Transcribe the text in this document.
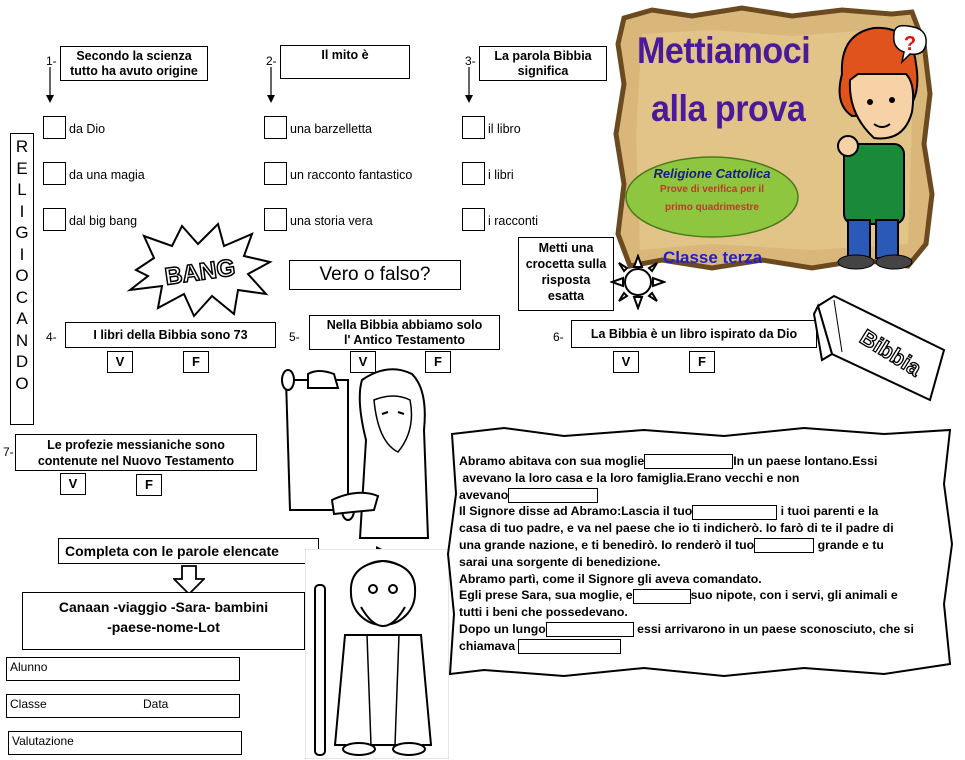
R
E
L
I
G
I
O
C
A
N
D
O
1-	Secondo la scienza
tutto ha avuto origine
da Dio
da una magia
dal big bang
2-	Il mito è
una barzelletta
un racconto fantastico
una storia vera
3-	La parola Bibbia
significa
il libro
i libri
i racconti
?
Mettiamoci
alla prova
Religione Cattolica
Prove di verifica per il
primo quadrimestre
Classe terza
Metti una
crocetta sulla
risposta
esatta
BANG	Vero o falso?
4-	I libri della Bibbia sono 73
V	F
5-
Nella Bibbia abbiamo solo
l' Antico Testamento
V	F
6-	La Bibbia è un libro ispirato da Dio
V	F	Bibbia
7-	Le profezie messianiche sono
contenute nel Nuovo Testamento
V	F
Completa con le parole elencate
Canaan -viaggio -Sara- bambini
-paese-nome-Lot
Alunno
Classe	Data
Valutazione
Abramo abitava con sua moglie	In un paese lontano.Essi
avevano la loro casa e la loro famiglia.Erano vecchi e non
avevano
Il Signore disse ad Abramo:Lascia il tuo	i tuoi parenti e la
casa di tuo padre, e va nel paese che io ti indicherò. Io farò di te il padre di
una grande nazione, e ti benedirò. Io renderò il tuo	grande e tu
sarai una sorgente di benedizione.
Abramo partì, come il Signore gli aveva comandato.
Egli prese Sara, sua moglie, e	suo nipote, con i servi, gli animali e
tutti i beni che possedevano.
Dopo un lungo	essi arrivarono in un paese sconosciuto, che si
chiamava
